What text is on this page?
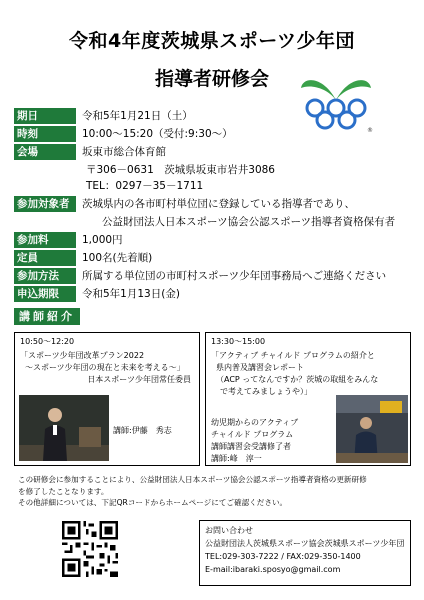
令和4年度茨城県スポーツ少年団
指導者研修会
®
期日	令和5年1月21日（土）
時刻	10:00～15:20（受付:9:30～）
会場	坂東市総合体育館
〒306－0631　茨城県坂東市岩井3086
TEL：0297－35－1711
参加対象者	茨城県内の各市町村単位団に登録している指導者であり、
公益財団法人日本スポーツ協会公認スポーツ指導者資格保有者
参加料	1,000円
定員	100名(先着順)
参加方法	所属する単位団の市町村スポーツ少年団事務局へご連絡ください
申込期限	令和5年1月13日(金)
講師紹介
10:50～12:20
「スポーツ少年団改革プラン2022
～スポーツ少年団の現在と未来を考える～」
日本スポーツ少年団常任委員
講師:伊藤　秀志
13:30～15:00
「アクティブ チャイルド プログラムの紹介と
県内普及講習会レポート
（ACP ってなんですか？茨城の取組をみんな
で考えてみましょうや）」
幼児期からのアクティブ
チャイルド プログラム
講師講習会受講修了者
講師:峰　淳一
この研修会に参加することにより、公益財団法人日本スポーツ協会公認スポーツ指導者資格の更新研修
を修了したことなります。
その他詳細については、下記QRコードからホームページにてご確認ください。
お問い合わせ
公益財団法人茨城県スポーツ協会茨城県スポーツ少年団
TEL:029-303-7222 / FAX:029-350-1400
E-mail:ibaraki.sposyo@gmail.com
